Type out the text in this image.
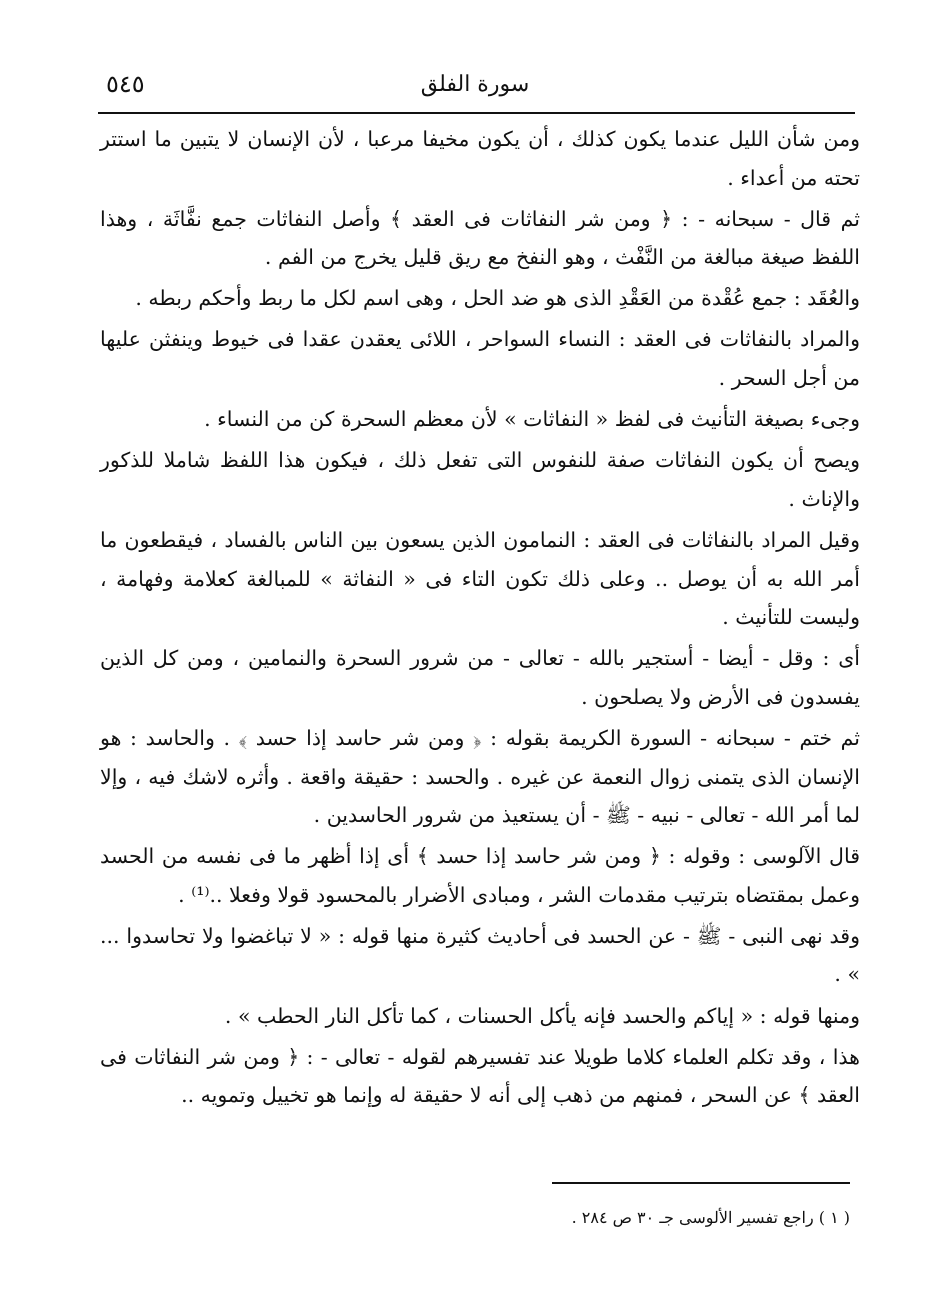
٥٤٥	سورة الفلق

ومن شأن الليل عندما يكون كذلك ، أن يكون مخيفا مرعبا ، لأن الإنسان لا يتبين ما استتر تحته من أعداء .

ثم قال - سبحانه - : ﴿ ومن شر النفاثات فى العقد ﴾ وأصل النفاثات جمع نفَّاثَة ، وهذا اللفظ صيغة مبالغة من النَّفْث ، وهو النفخ مع ريق قليل يخرج من الفم .

والعُقَد : جمع عُقْدة من العَقْدِ الذى هو ضد الحل ، وهى اسم لكل ما ربط وأحكم ربطه .

والمراد بالنفاثات فى العقد : النساء السواحر ، اللائى يعقدن عقدا فى خيوط وينفثن عليها من أجل السحر .

وجىء بصيغة التأنيث فى لفظ « النفاثات » لأن معظم السحرة كن من النساء .

ويصح أن يكون النفاثات صفة للنفوس التى تفعل ذلك ، فيكون هذا اللفظ شاملا للذكور والإناث .

وقيل المراد بالنفاثات فى العقد : النمامون الذين يسعون بين الناس بالفساد ، فيقطعون ما أمر الله به أن يوصل .. وعلى ذلك تكون التاء فى « النفاثة » للمبالغة كعلامة وفهامة ، وليست للتأنيث .

أى : وقل - أيضا - أستجير بالله - تعالى - من شرور السحرة والنمامين ، ومن كل الذين يفسدون فى الأرض ولا يصلحون .

ثم ختم - سبحانه - السورة الكريمة بقوله : ﴿ ومن شر حاسد إذا حسد ﴾ . والحاسد : هو الإنسان الذى يتمنى زوال النعمة عن غيره . والحسد : حقيقة واقعة . وأثره لاشك فيه ، وإلا لما أمر الله - تعالى - نبيه - ﷺ - أن يستعيذ من شرور الحاسدين .

قال الآلوسى : وقوله : ﴿ ومن شر حاسد إذا حسد ﴾ أى إذا أظهر ما فى نفسه من الحسد وعمل بمقتضاه بترتيب مقدمات الشر ، ومبادى الأضرار بالمحسود قولا وفعلا ..⁽¹⁾ .

وقد نهى النبى - ﷺ - عن الحسد فى أحاديث كثيرة منها قوله : « لا تباغضوا ولا تحاسدوا ... » .

ومنها قوله : « إياكم والحسد فإنه يأكل الحسنات ، كما تأكل النار الحطب » .

هذا ، وقد تكلم العلماء كلاما طويلا عند تفسيرهم لقوله - تعالى - : ﴿ ومن شر النفاثات فى العقد ﴾ عن السحر ، فمنهم من ذهب إلى أنه لا حقيقة له وإنما هو تخييل وتمويه ..

( ١ ) راجع تفسير الألوسى جـ ٣٠ ص ٢٨٤ .
